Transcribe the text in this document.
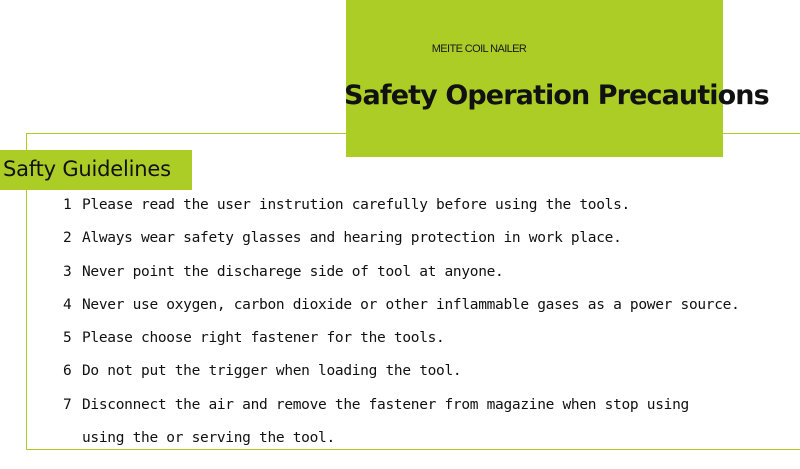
MEITE COIL NAILER
Safety Operation Precautions
Safty Guidelines
1 Please read the user instrution carefully before using the tools.
2 Always wear safety glasses and hearing protection in work place.
3 Never point the discharege side of tool at anyone.
4 Never use oxygen, carbon dioxide or other inflammable gases as a power source.
5 Please choose right fastener for the tools.
6 Do not put the trigger when loading the tool.
7 Disconnect the air and remove the fastener from magazine when stop using
using the or serving the tool.
